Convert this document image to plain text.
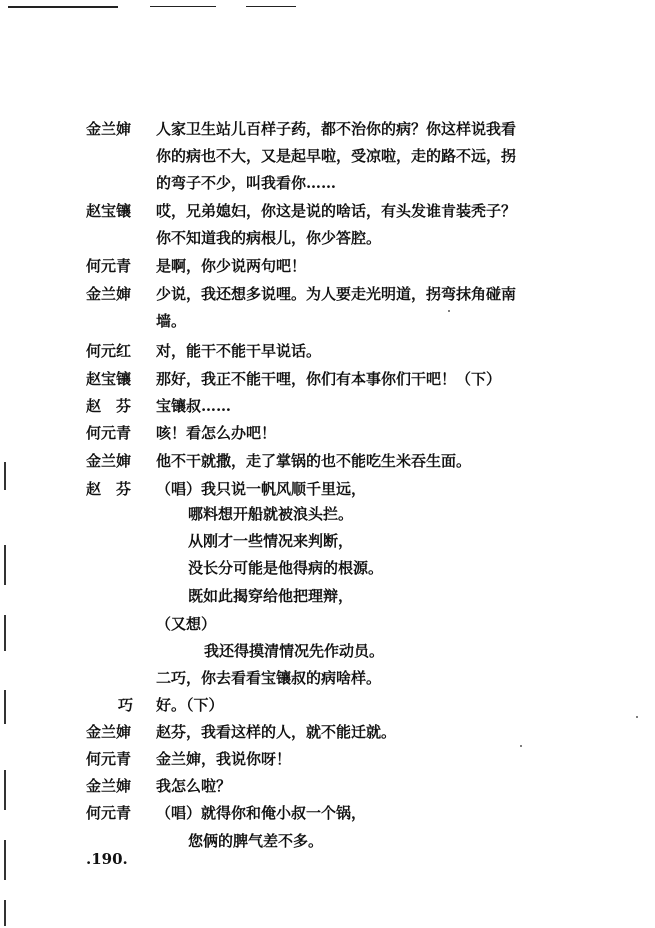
金兰婶	人家卫生站儿百样子药，都不治你的病？你这样说我看
你的病也不大，又是起早啦，受凉啦，走的路不远，拐
的弯子不少，叫我看你……
赵宝镶	哎，兄弟媳妇，你这是说的啥话，有头发谁肯装秃子？
你不知道我的病根儿，你少答腔。
何元青	是啊，你少说两句吧！
金兰婶	少说，我还想多说哩。为人要走光明道，拐弯抹角碰南
墙。
何元红	对，能干不能干早说话。
赵宝镶	那好，我正不能干哩，你们有本事你们干吧！（下）
赵　芬	宝镶叔……
何元青	咳！看怎么办吧！
金兰婶	他不干就撒，走了掌锅的也不能吃生米吞生面。
赵　芬	（唱）我只说一帆风顺千里远，
哪料想开船就被浪头拦。
从刚才一些情况来判断，
没长分可能是他得病的根源。
既如此揭穿给他把理辩，
（又想）
我还得摸清情况先作动员。
二巧，你去看看宝镶叔的病啥样。
巧	好。（下）
金兰婶	赵芬，我看这样的人，就不能迁就。
何元青	金兰婶，我说你呀！
金兰婶	我怎么啦？
何元青	（唱）就得你和俺小叔一个锅，
您俩的脾气差不多。
.190.
